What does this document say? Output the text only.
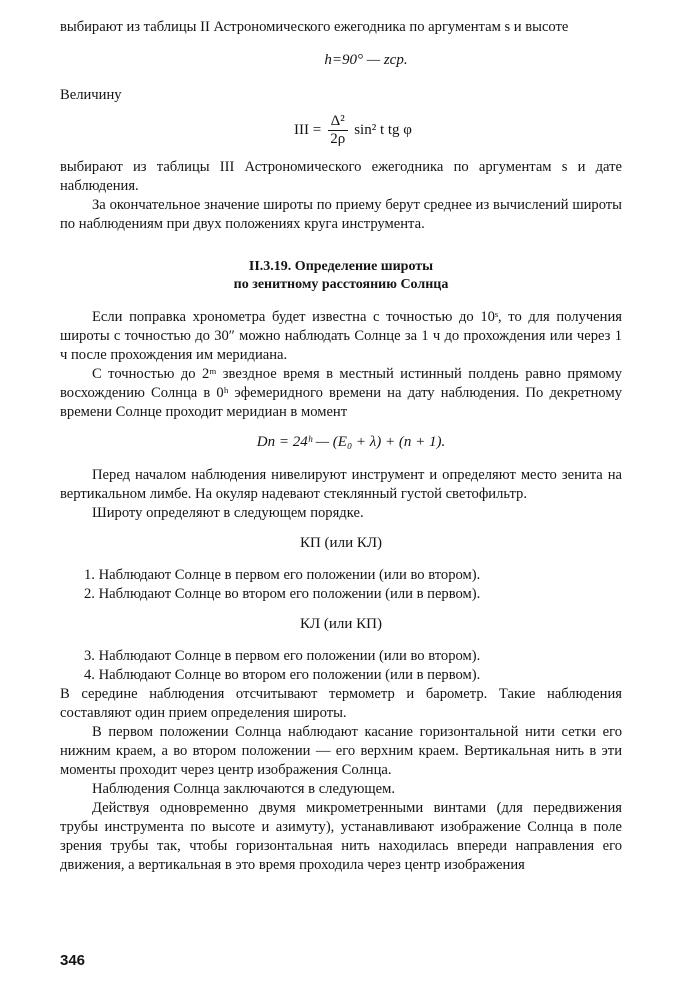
выбирают из таблицы II Астрономического ежегодника по аргументам s и высоте

h=90° — zср.

Величину

III = $\frac{\text{Δ²}}{2\rho} \sin^2$ t tg φ

выбирают из таблицы III Астрономического ежегодника по аргументам s и дате наблюдения.

За окончательное значение широты по приему берут среднее из вычислений широты по наблюдениям при двух положениях круга инструмента.

II.3.19. Определение широты
по зенитному расстоянию Солнца

Если поправка хронометра будет известна с точностью до 10ˢ, то для получения широты с точностью до 30″ можно наблюдать Солнце за 1 ч до прохождения или через 1 ч после прохождения им меридиана.

С точностью до 2ᵐ звездное время в местный истинный полдень равно прямому восхождению Солнца в 0ʰ эфемеридного времени на дату наблюдения. По декретному времени Солнце проходит меридиан в момент

Dn = 24ʰ — (E₀ + λ) + (n + 1).

Перед началом наблюдения нивелируют инструмент и определяют место зенита на вертикальном лимбе. На окуляр надевают стеклянный густой светофильтр.

Широту определяют в следующем порядке.

КП (или КЛ)

1. Наблюдают Солнце в первом его положении (или во втором).

2. Наблюдают Солнце во втором его положении (или в первом).

КЛ (или КП)

3. Наблюдают Солнце в первом его положении (или во втором).

4. Наблюдают Солнце во втором его положении (или в первом).

В середине наблюдения отсчитывают термометр и барометр. Такие наблюдения составляют один прием определения широты.

В первом положении Солнца наблюдают касание горизонтальной нити сетки его нижним краем, а во втором положении — его верхним краем. Вертикальная нить в эти моменты проходит через центр изображения Солнца.

Наблюдения Солнца заключаются в следующем.

Действуя одновременно двумя микрометренными винтами (для передвижения трубы инструмента по высоте и азимуту), устанавливают изображение Солнца в поле зрения трубы так, чтобы горизонтальная нить находилась впереди направления его движения, а вертикальная в это время проходила через центр изображения

346
